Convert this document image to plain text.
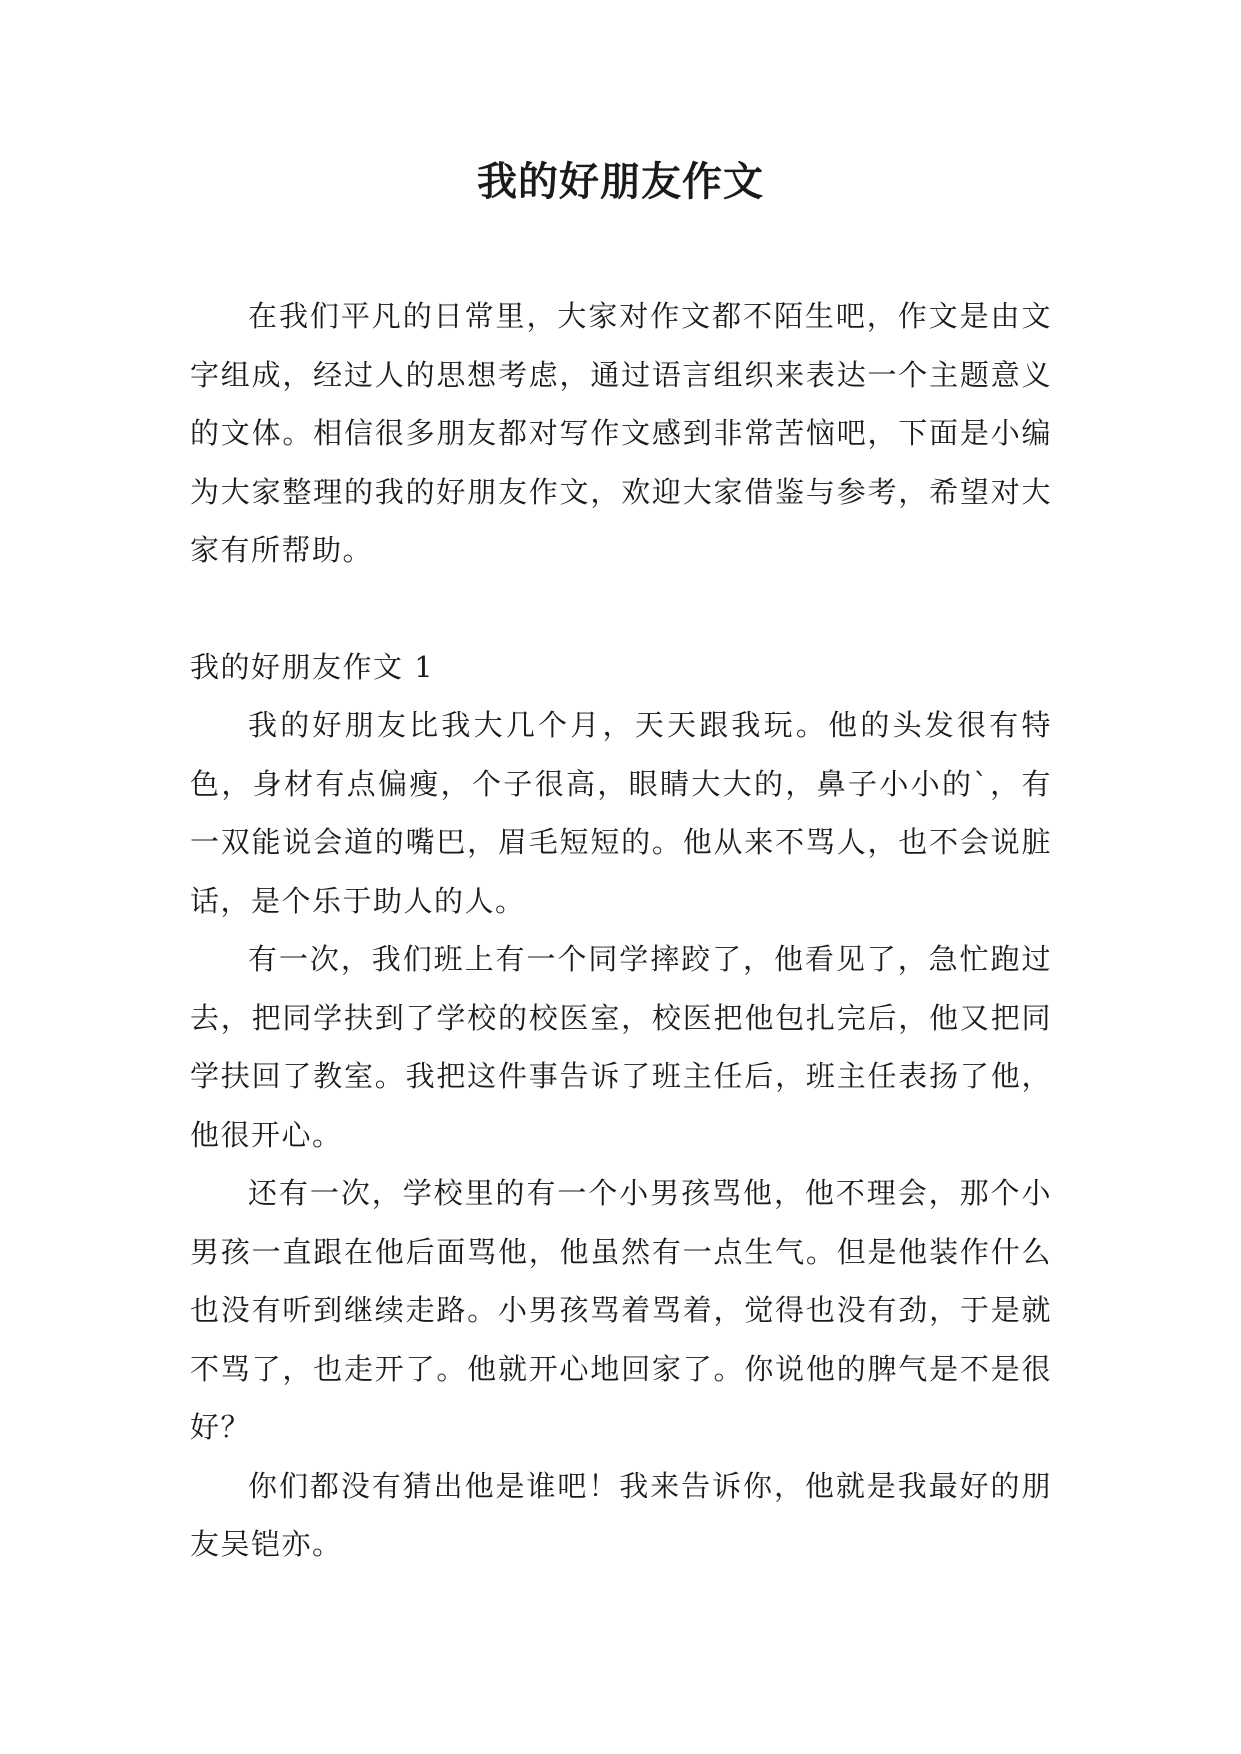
我的好朋友作文

在我们平凡的日常里，大家对作文都不陌生吧，作文是由文字组成，经过人的思想考虑，通过语言组织来表达一个主题意义的文体。相信很多朋友都对写作文感到非常苦恼吧，下面是小编为大家整理的我的好朋友作文，欢迎大家借鉴与参考，希望对大家有所帮助。

我的好朋友作文 1

我的好朋友比我大几个月，天天跟我玩。他的头发很有特色，身材有点偏瘦，个子很高，眼睛大大的，鼻子小小的`，有一双能说会道的嘴巴，眉毛短短的。他从来不骂人，也不会说脏话，是个乐于助人的人。

有一次，我们班上有一个同学摔跤了，他看见了，急忙跑过去，把同学扶到了学校的校医室，校医把他包扎完后，他又把同学扶回了教室。我把这件事告诉了班主任后，班主任表扬了他，他很开心。

还有一次，学校里的有一个小男孩骂他，他不理会，那个小男孩一直跟在他后面骂他，他虽然有一点生气。但是他装作什么也没有听到继续走路。小男孩骂着骂着，觉得也没有劲，于是就不骂了，也走开了。他就开心地回家了。你说他的脾气是不是很好？

你们都没有猜出他是谁吧！我来告诉你，他就是我最好的朋友吴铠亦。
